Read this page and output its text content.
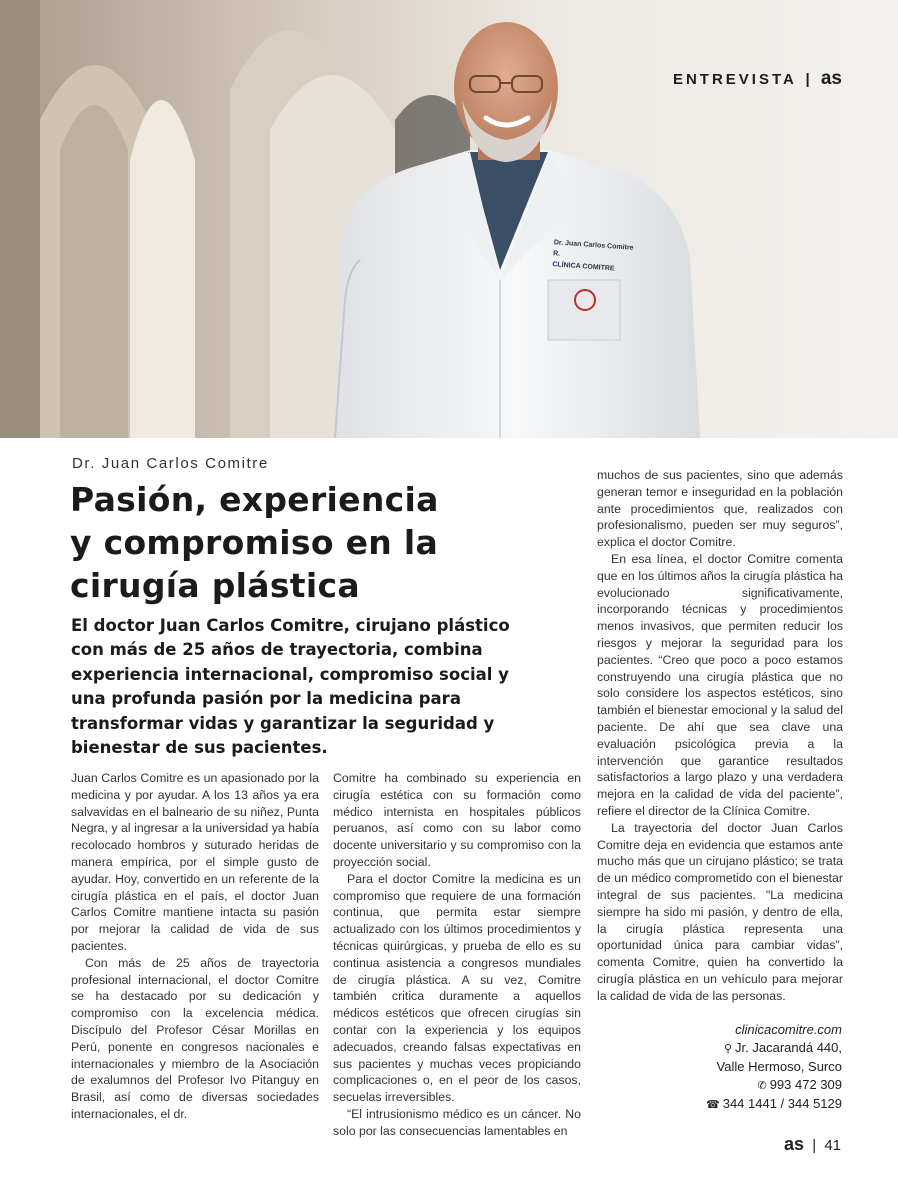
Dr. Juan Carlos Comitre R.
CLÍNICA COMITRE
ENTREVISTA | as
Dr. Juan Carlos Comitre
Pasión, experiencia
y compromiso en la
cirugía plástica

El doctor Juan Carlos Comitre, cirujano plástico con más de 25 años de trayectoria, combina experiencia internacional, compromiso social y una profunda pasión por la medicina para transformar vidas y garantizar la seguridad y bienestar de sus pacientes.

Juan Carlos Comitre es un apasionado por la medicina y por ayudar. A los 13 años ya era salvavidas en el balneario de su niñez, Punta Negra, y al ingresar a la universidad ya había recolocado hombros y suturado heridas de manera empírica, por el simple gusto de ayudar. Hoy, convertido en un referente de la cirugía plástica en el país, el doctor Juan Carlos Comitre mantiene intacta su pasión por mejorar la calidad de vida de sus pacientes.

Con más de 25 años de trayectoria profesional internacional, el doctor Comitre se ha destacado por su dedicación y compromiso con la excelencia médica. Discípulo del Profesor César Morillas en Perú, ponente en congresos nacionales e internacionales y miembro de la Asociación de exalumnos del Profesor Ivo Pitanguy en Brasil, así como de diversas sociedades internacionales, el dr.

Comitre ha combinado su experiencia en cirugía estética con su formación como médico internista en hospitales públicos peruanos, así como con su labor como docente universitario y su compromiso con la proyección social.

Para el doctor Comitre la medicina es un compromiso que requiere de una formación continua, que permita estar siempre actualizado con los últimos procedimientos y técnicas quirúrgicas, y prueba de ello es su continua asistencia a congresos mundiales de cirugía plástica. A su vez, Comitre también critica duramente a aquellos médicos estéticos que ofrecen cirugías sin contar con la experiencia y los equipos adecuados, creando falsas expectativas en sus pacientes y muchas veces propiciando complicaciones o, en el peor de los casos, secuelas irreversibles.

“El intrusionismo médico es un cáncer. No solo por las consecuencias lamentables en

muchos de sus pacientes, sino que además generan temor e inseguridad en la población ante procedimientos que, realizados con profesionalismo, pueden ser muy seguros”, explica el doctor Comitre.

En esa línea, el doctor Comitre comenta que en los últimos años la cirugía plástica ha evolucionado significativamente, incorporando técnicas y procedimientos menos invasivos, que permiten reducir los riesgos y mejorar la seguridad para los pacientes. “Creo que poco a poco estamos construyendo una cirugía plástica que no solo considere los aspectos estéticos, sino también el bienestar emocional y la salud del paciente. De ahí que sea clave una evaluación psicológica previa a la intervención que garantice resultados satisfactorios a largo plazo y una verdadera mejora en la calidad de vida del paciente”, refiere el director de la Clínica Comitre.

La trayectoria del doctor Juan Carlos Comitre deja en evidencia que estamos ante mucho más que un cirujano plástico; se trata de un médico comprometido con el bienestar integral de sus pacientes. "La medicina siempre ha sido mi pasión, y dentro de ella, la cirugía plástica representa una oportunidad única para cambiar vidas”, comenta Comitre, quien ha convertido la cirugía plástica en un vehículo para mejorar la calidad de vida de las personas.

clinicacomitre.com
⚲ Jr. Jacarandá 440,
Valle Hermoso, Surco
✆ 993 472 309
☎ 344 1441 / 344 5129
as | 41
